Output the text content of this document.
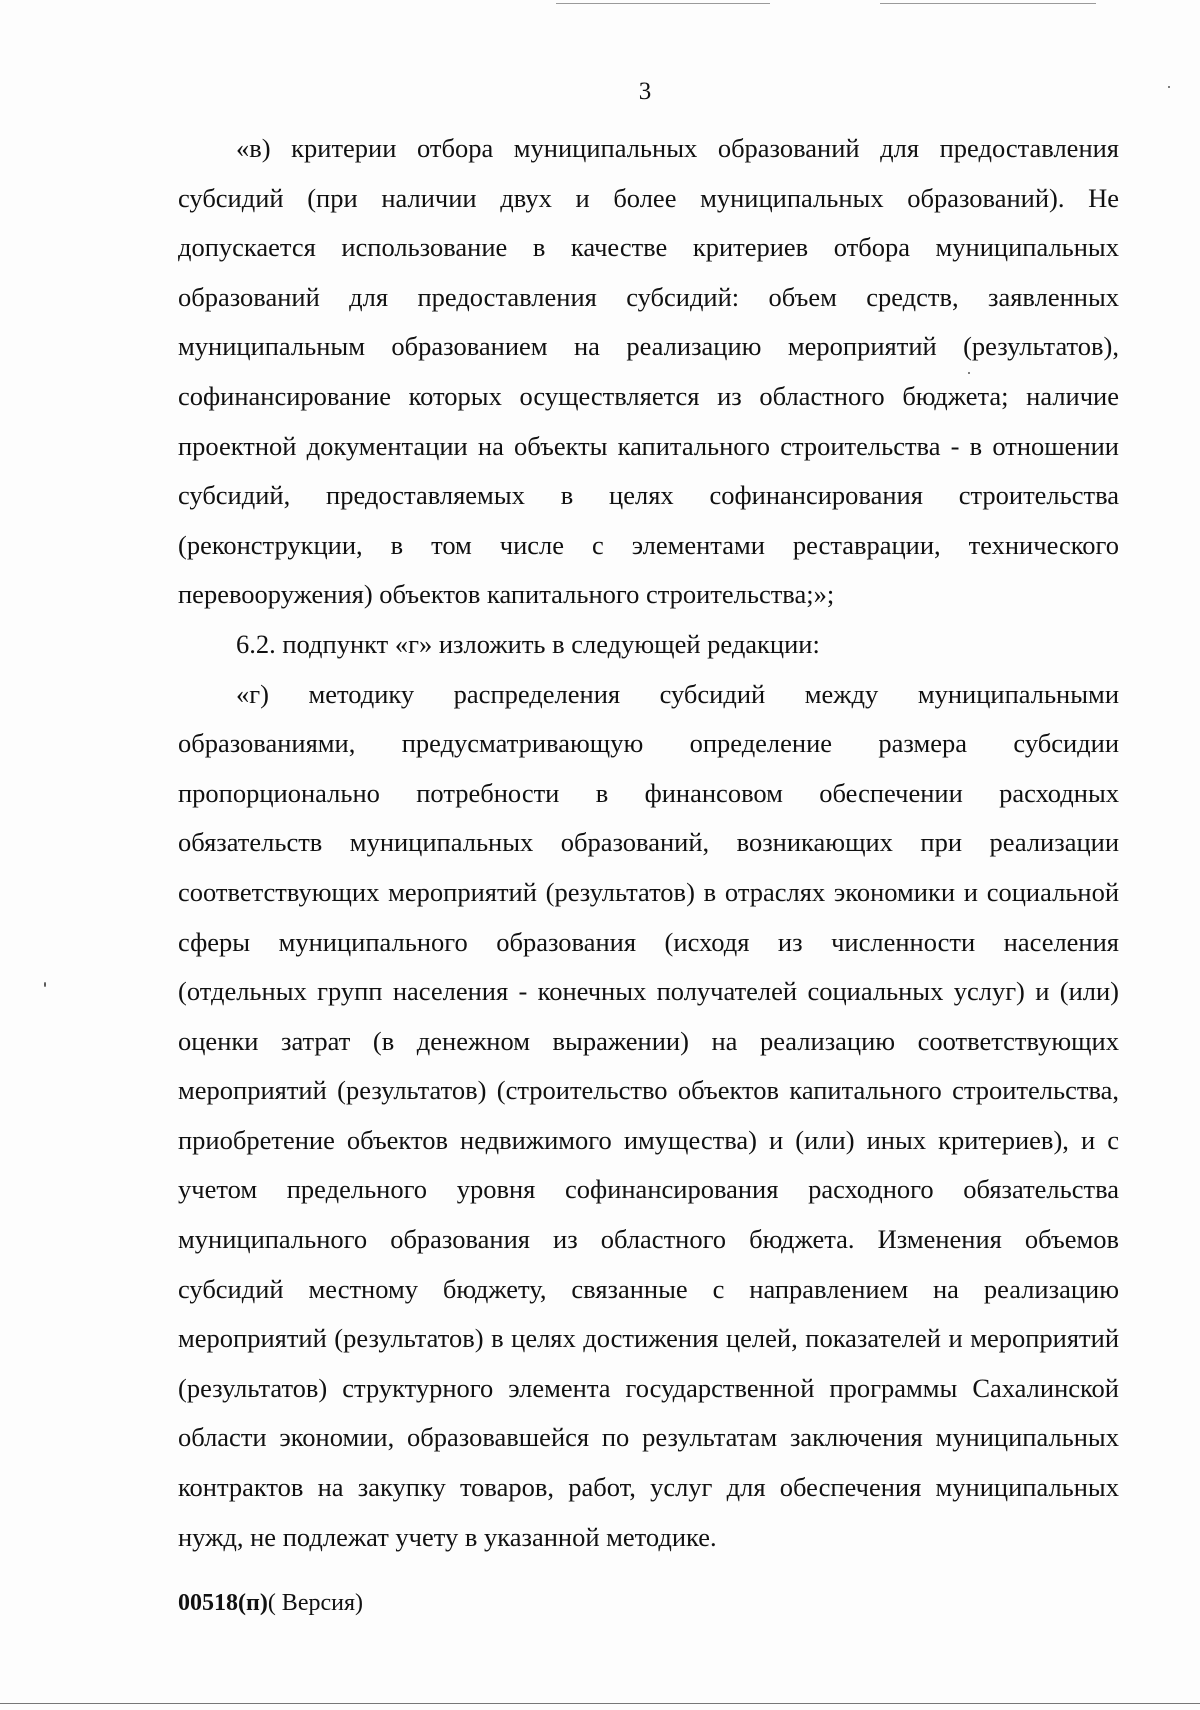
3

«в) критерии отбора муниципальных образований для предоставления субсидий (при наличии двух и более муниципальных образований). Не допускается использование в качестве критериев отбора муниципальных образований для предоставления субсидий: объем средств, заявленных муниципальным образованием на реализацию мероприятий (результатов), софинансирование которых осуществляется из областного бюджета; наличие проектной документации на объекты капитального строительства - в отношении субсидий, предоставляемых в целях софинансирования строительства (реконструкции, в том числе с элементами реставрации, технического перевооружения) объектов капитального строительства;»;

6.2. подпункт «г» изложить в следующей редакции:

«г) методику распределения субсидий между муниципальными образованиями, предусматривающую определение размера субсидии пропорционально потребности в финансовом обеспечении расходных обязательств муниципальных образований, возникающих при реализации соответствующих мероприятий (результатов) в отраслях экономики и социальной сферы муниципального образования (исходя из численности населения (отдельных групп населения - конечных получателей социальных услуг) и (или) оценки затрат (в денежном выражении) на реализацию соответствующих мероприятий (результатов) (строительство объектов капитального строительства, приобретение объектов недвижимого имущества) и (или) иных критериев), и с учетом предельного уровня софинансирования расходного обязательства муниципального образования из областного бюджета. Изменения объемов субсидий местному бюджету, связанные с направлением на реализацию мероприятий (результатов) в целях достижения целей, показателей и мероприятий (результатов) структурного элемента государственной программы Сахалинской области экономии, образовавшейся по результатам заключения муниципальных контрактов на закупку товаров, работ, услуг для обеспечения муниципальных нужд, не подлежат учету в указанной методике.

00518(п)( Версия)
